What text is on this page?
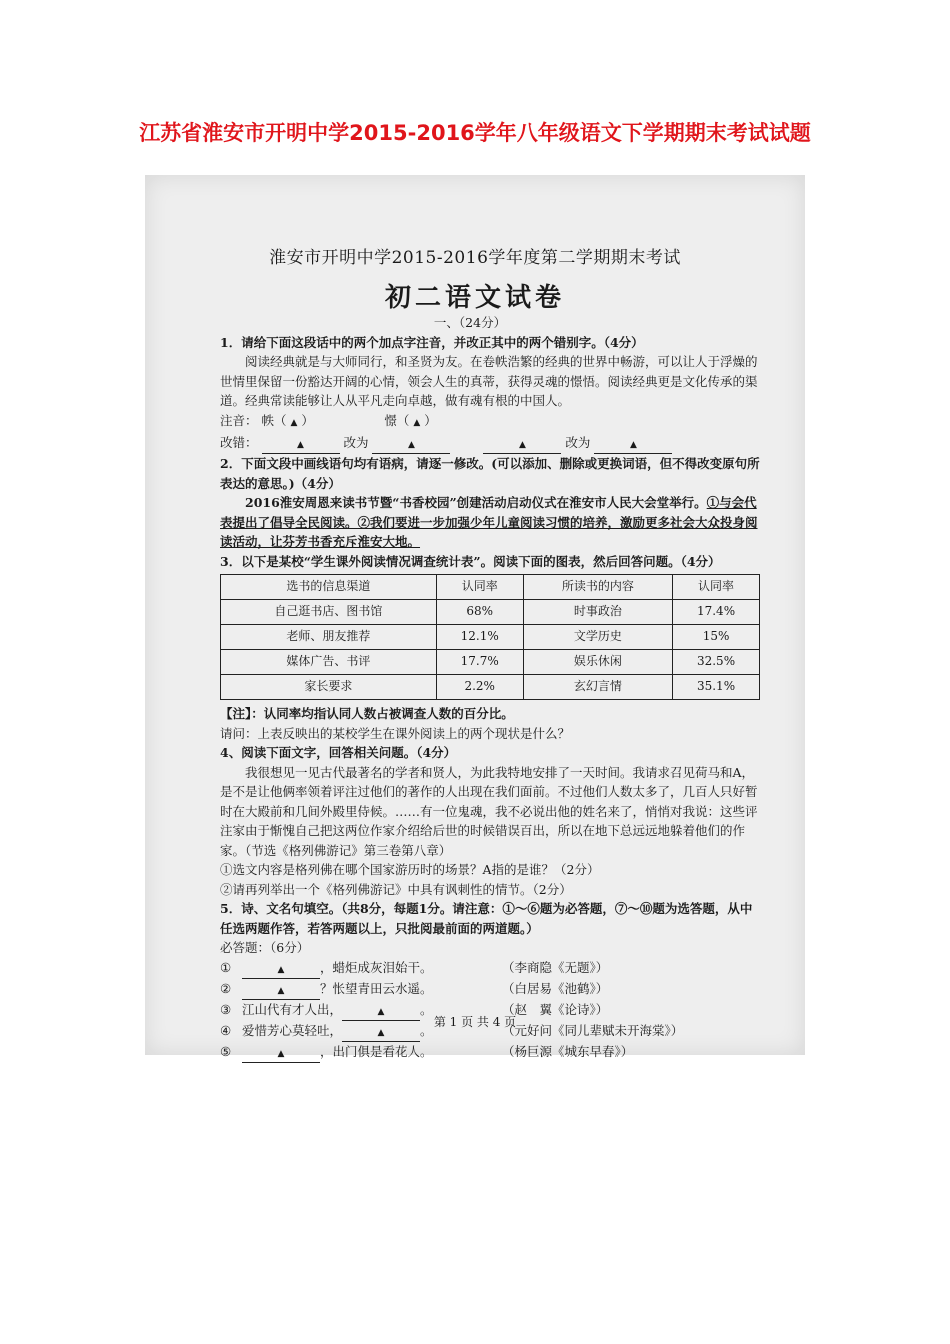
江苏省淮安市开明中学2015-2016学年八年级语文下学期期末考试试题
淮安市开明中学2015-2016学年度第二学期期末考试
初二语文试卷

一、（24分）

1．请给下面这段话中的两个加点字注音，并改正其中的两个错别字。（4分）

阅读经典就是与大师同行，和圣贤为友。在卷帙浩繁的经典的世界中畅游，可以让人于浮燥的世情里保留一份豁达开阔的心情，领会人生的真蒂，获得灵魂的憬悟。阅读经典更是文化传承的渠道。经典常读能够让人从平凡走向卓越，做有魂有根的中国人。

注音： 帙（ ▲ ）      	憬（ ▲ ）

改错：	▲	改为	▲   	▲	改为	▲

2．下面文段中画线语句均有语病，请逐一修改。(可以添加、删除或更换词语，但不得改变原句所表达的意思。)（4分）

2016淮安周恩来读书节暨“书香校园”创建活动启动仪式在淮安市人民大会堂举行。①与会代表提出了倡导全民阅读。②我们要进一步加强少年儿童阅读习惯的培养，激励更多社会大众投身阅读活动，让芬芳书香充斥淮安大地。

3．以下是某校“学生课外阅读情况调查统计表”。阅读下面的图表，然后回答问题。（4分）

选书的信息渠道	认同率	所读书的内容	认同率
自己逛书店、图书馆	68%	时事政治	17.4%
老师、朋友推荐	12.1%	文学历史	15%
媒体广告、书评	17.7%	娱乐休闲	32.5%
家长要求	2.2%	玄幻言情	35.1%

【注】：认同率均指认同人数占被调查人数的百分比。

请问：上表反映出的某校学生在课外阅读上的两个现状是什么？

4、阅读下面文字，回答相关问题。（4分）

我很想见一见古代最著名的学者和贤人，为此我特地安排了一天时间。我请求召见荷马和A，是不是让他俩率领着评注过他们的著作的人出现在我们面前。不过他们人数太多了，几百人只好暂时在大殿前和几间外殿里侍候。……有一位鬼魂，我不必说出他的姓名来了，悄悄对我说：这些评注家由于惭愧自己把这两位作家介绍给后世的时候错误百出，所以在地下总远远地躲着他们的作家。（节选《格列佛游记》第三卷第八章）

①选文内容是格列佛在哪个国家游历时的场景？A指的是谁？（2分）

②请再列举出一个《格列佛游记》中具有讽刺性的情节。（2分）

5．诗、文名句填空。（共8分，每题1分。请注意：①～⑥题为必答题，⑦～⑩题为选答题，从中任选两题作答，若答两题以上，只批阅最前面的两道题。）

必答题：（6分）

①	▲	，蜡炬成灰泪始干。	（李商隐《无题》）
②	▲	？怅望青田云水遥。	（白居易《池鹤》）
③ 江山代有才人出，	▲	。	（赵　翼《论诗》）
④ 爱惜芳心莫轻吐，	▲	。	（元好问《同儿辈赋未开海棠》）
⑤	▲	，出门俱是看花人。	（杨巨源《城东早春》）
第 1 页 共 4 页
